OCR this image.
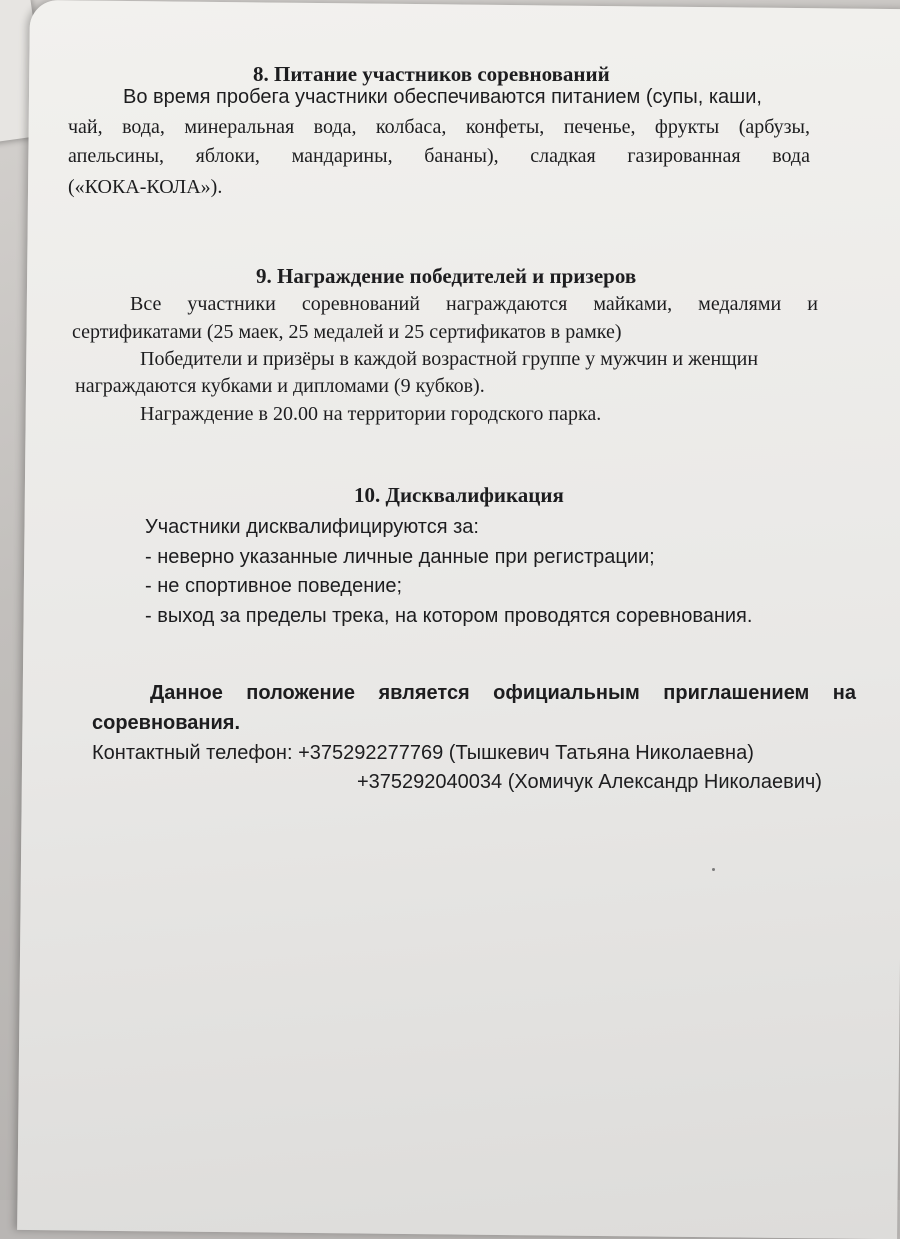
8. Питание участников соревнований
Во время пробега участники обеспечиваются питанием (супы, каши,
чай, вода, минеральная вода, колбаса, конфеты, печенье, фрукты (арбузы,
апельсины, яблоки, мандарины, бананы), сладкая газированная вода
(«КОКА-КОЛА»).
9. Награждение победителей и призеров
Все участники соревнований награждаются майками, медалями и
сертификатами (25 маек, 25 медалей и 25 сертификатов в рамке)
Победители и призёры в каждой возрастной группе у мужчин и женщин
награждаются кубками и дипломами (9 кубков).
Награждение в 20.00 на территории городского парка.
10. Дисквалификация
Участники дисквалифицируются за:
- неверно указанные личные данные при регистрации;
- не спортивное поведение;
- выход за пределы трека, на котором проводятся соревнования.
Данное положение является официальным приглашением на
соревнования.
Контактный телефон: +375292277769 (Тышкевич Татьяна Николаевна)
+375292040034 (Хомичук Александр Николаевич)
